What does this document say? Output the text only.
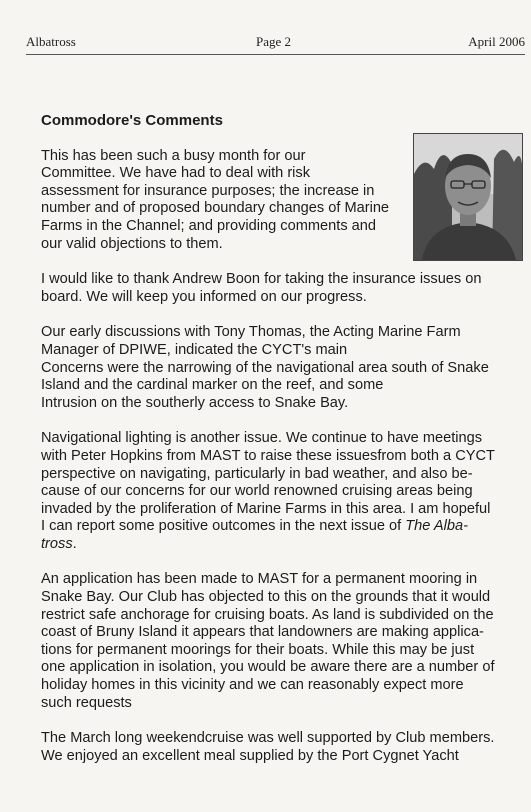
Albatross	Page 2	April 2006
Commodore's Comments
This has been such a busy month for our
Committee. We have had to deal with risk
assessment for insurance purposes; the increase in
number and of proposed boundary changes of Marine
Farms in the Channel; and providing comments and
our valid objections to them.
I would like to thank Andrew Boon for taking the insurance issues on
board. We will keep you informed on our progress.
Our early discussions with Tony Thomas, the Acting Marine Farm
Manager of DPIWE, indicated the CYCT's main
Concerns were the narrowing of the navigational area south of Snake
Island and the cardinal marker on the reef, and some
Intrusion on the southerly access to Snake Bay.
Navigational lighting is another issue. We continue to have meetings
with Peter Hopkins from MAST to raise these issuesfrom both a CYCT
perspective on navigating, particularly in bad weather, and also be-
cause of our concerns for our world renowned cruising areas being
invaded by the proliferation of Marine Farms in this area. I am hopeful
I can report some positive outcomes in the next issue of The Alba-
tross.
An application has been made to MAST for a permanent mooring in
Snake Bay. Our Club has objected to this on the grounds that it would
restrict safe anchorage for cruising boats. As land is subdivided on the
coast of Bruny Island it appears that landowners are making applica-
tions for permanent moorings for their boats. While this may be just
one application in isolation, you would be aware there are a number of
holiday homes in this vicinity and we can reasonably expect more
such requests
The March long weekendcruise was well supported by Club members.
We enjoyed an excellent meal supplied by the Port Cygnet Yacht
